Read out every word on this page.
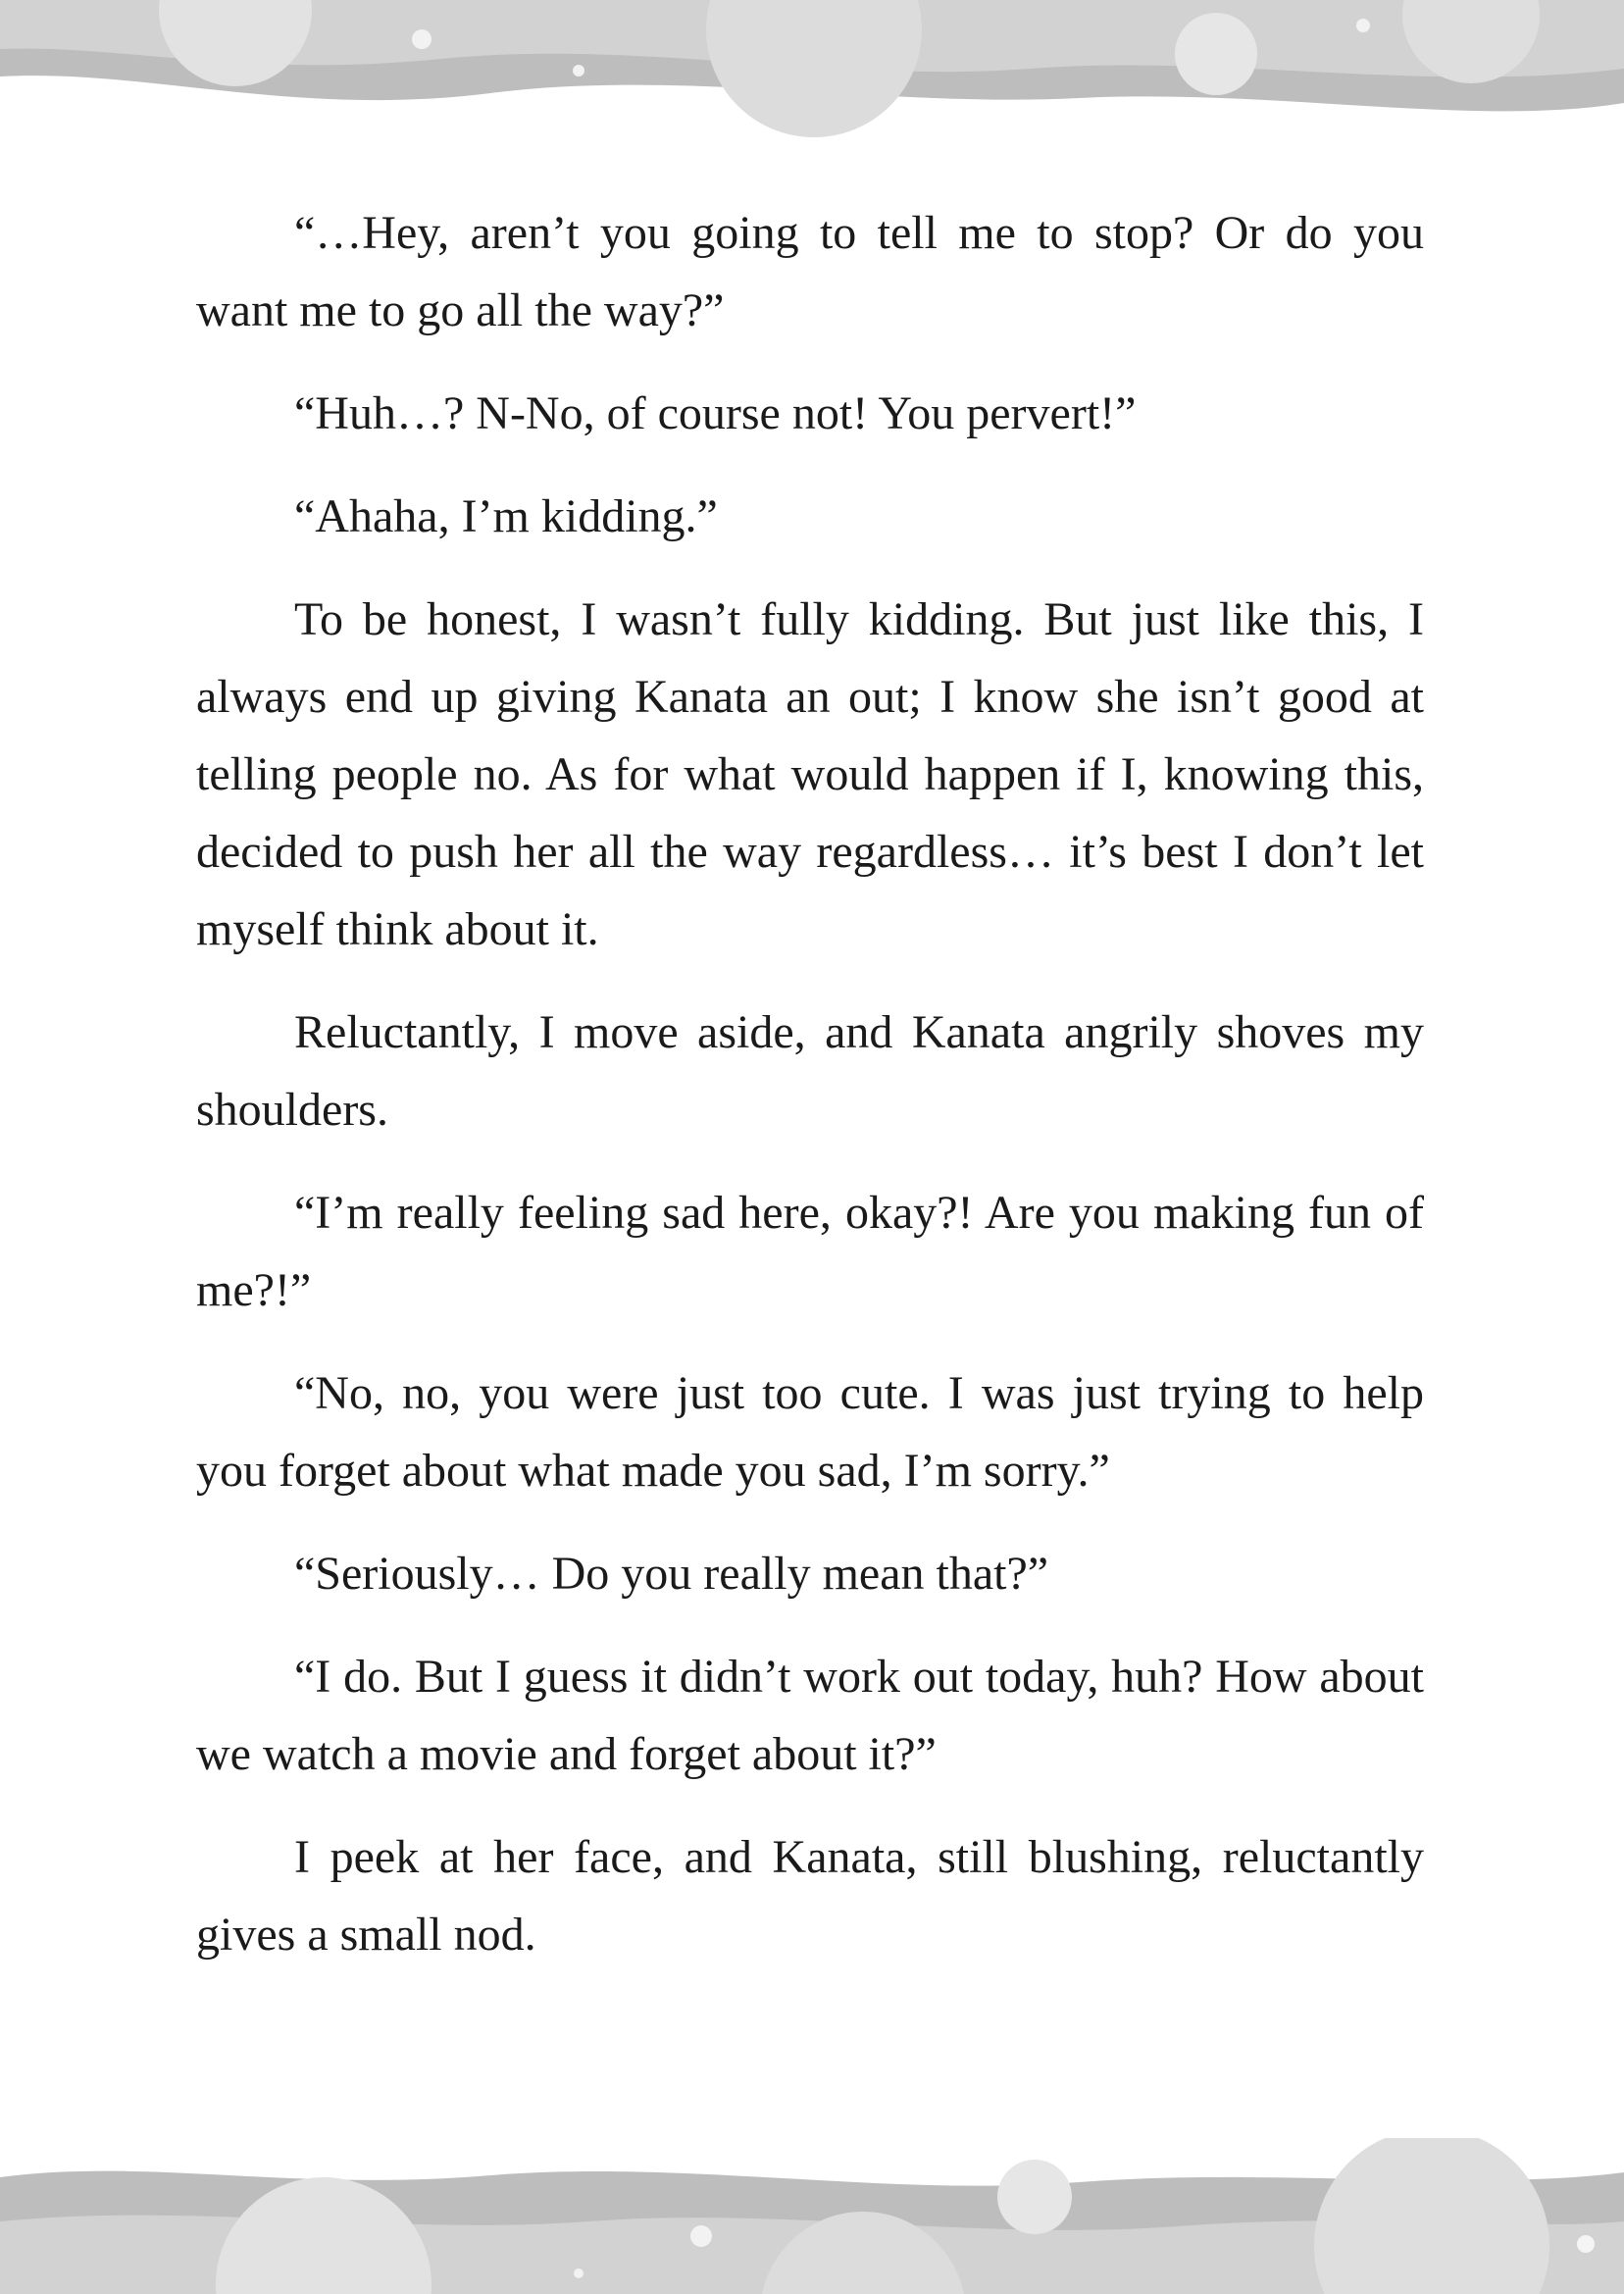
“…Hey, aren’t you going to tell me to stop? Or do you want me to go all the way?”

“Huh…? N-No, of course not! You pervert!”

“Ahaha, I’m kidding.”

To be honest, I wasn’t fully kidding. But just like this, I always end up giving Kanata an out; I know she isn’t good at telling people no. As for what would happen if I, knowing this, decided to push her all the way regardless… it’s best I don’t let myself think about it.

Reluctantly, I move aside, and Kanata angrily shoves my shoulders.

“I’m really feeling sad here, okay?! Are you making fun of me?!”

“No, no, you were just too cute. I was just trying to help you forget about what made you sad, I’m sorry.”

“Seriously… Do you really mean that?”

“I do. But I guess it didn’t work out today, huh? How about we watch a movie and forget about it?”

I peek at her face, and Kanata, still blushing, reluctantly gives a small nod.
